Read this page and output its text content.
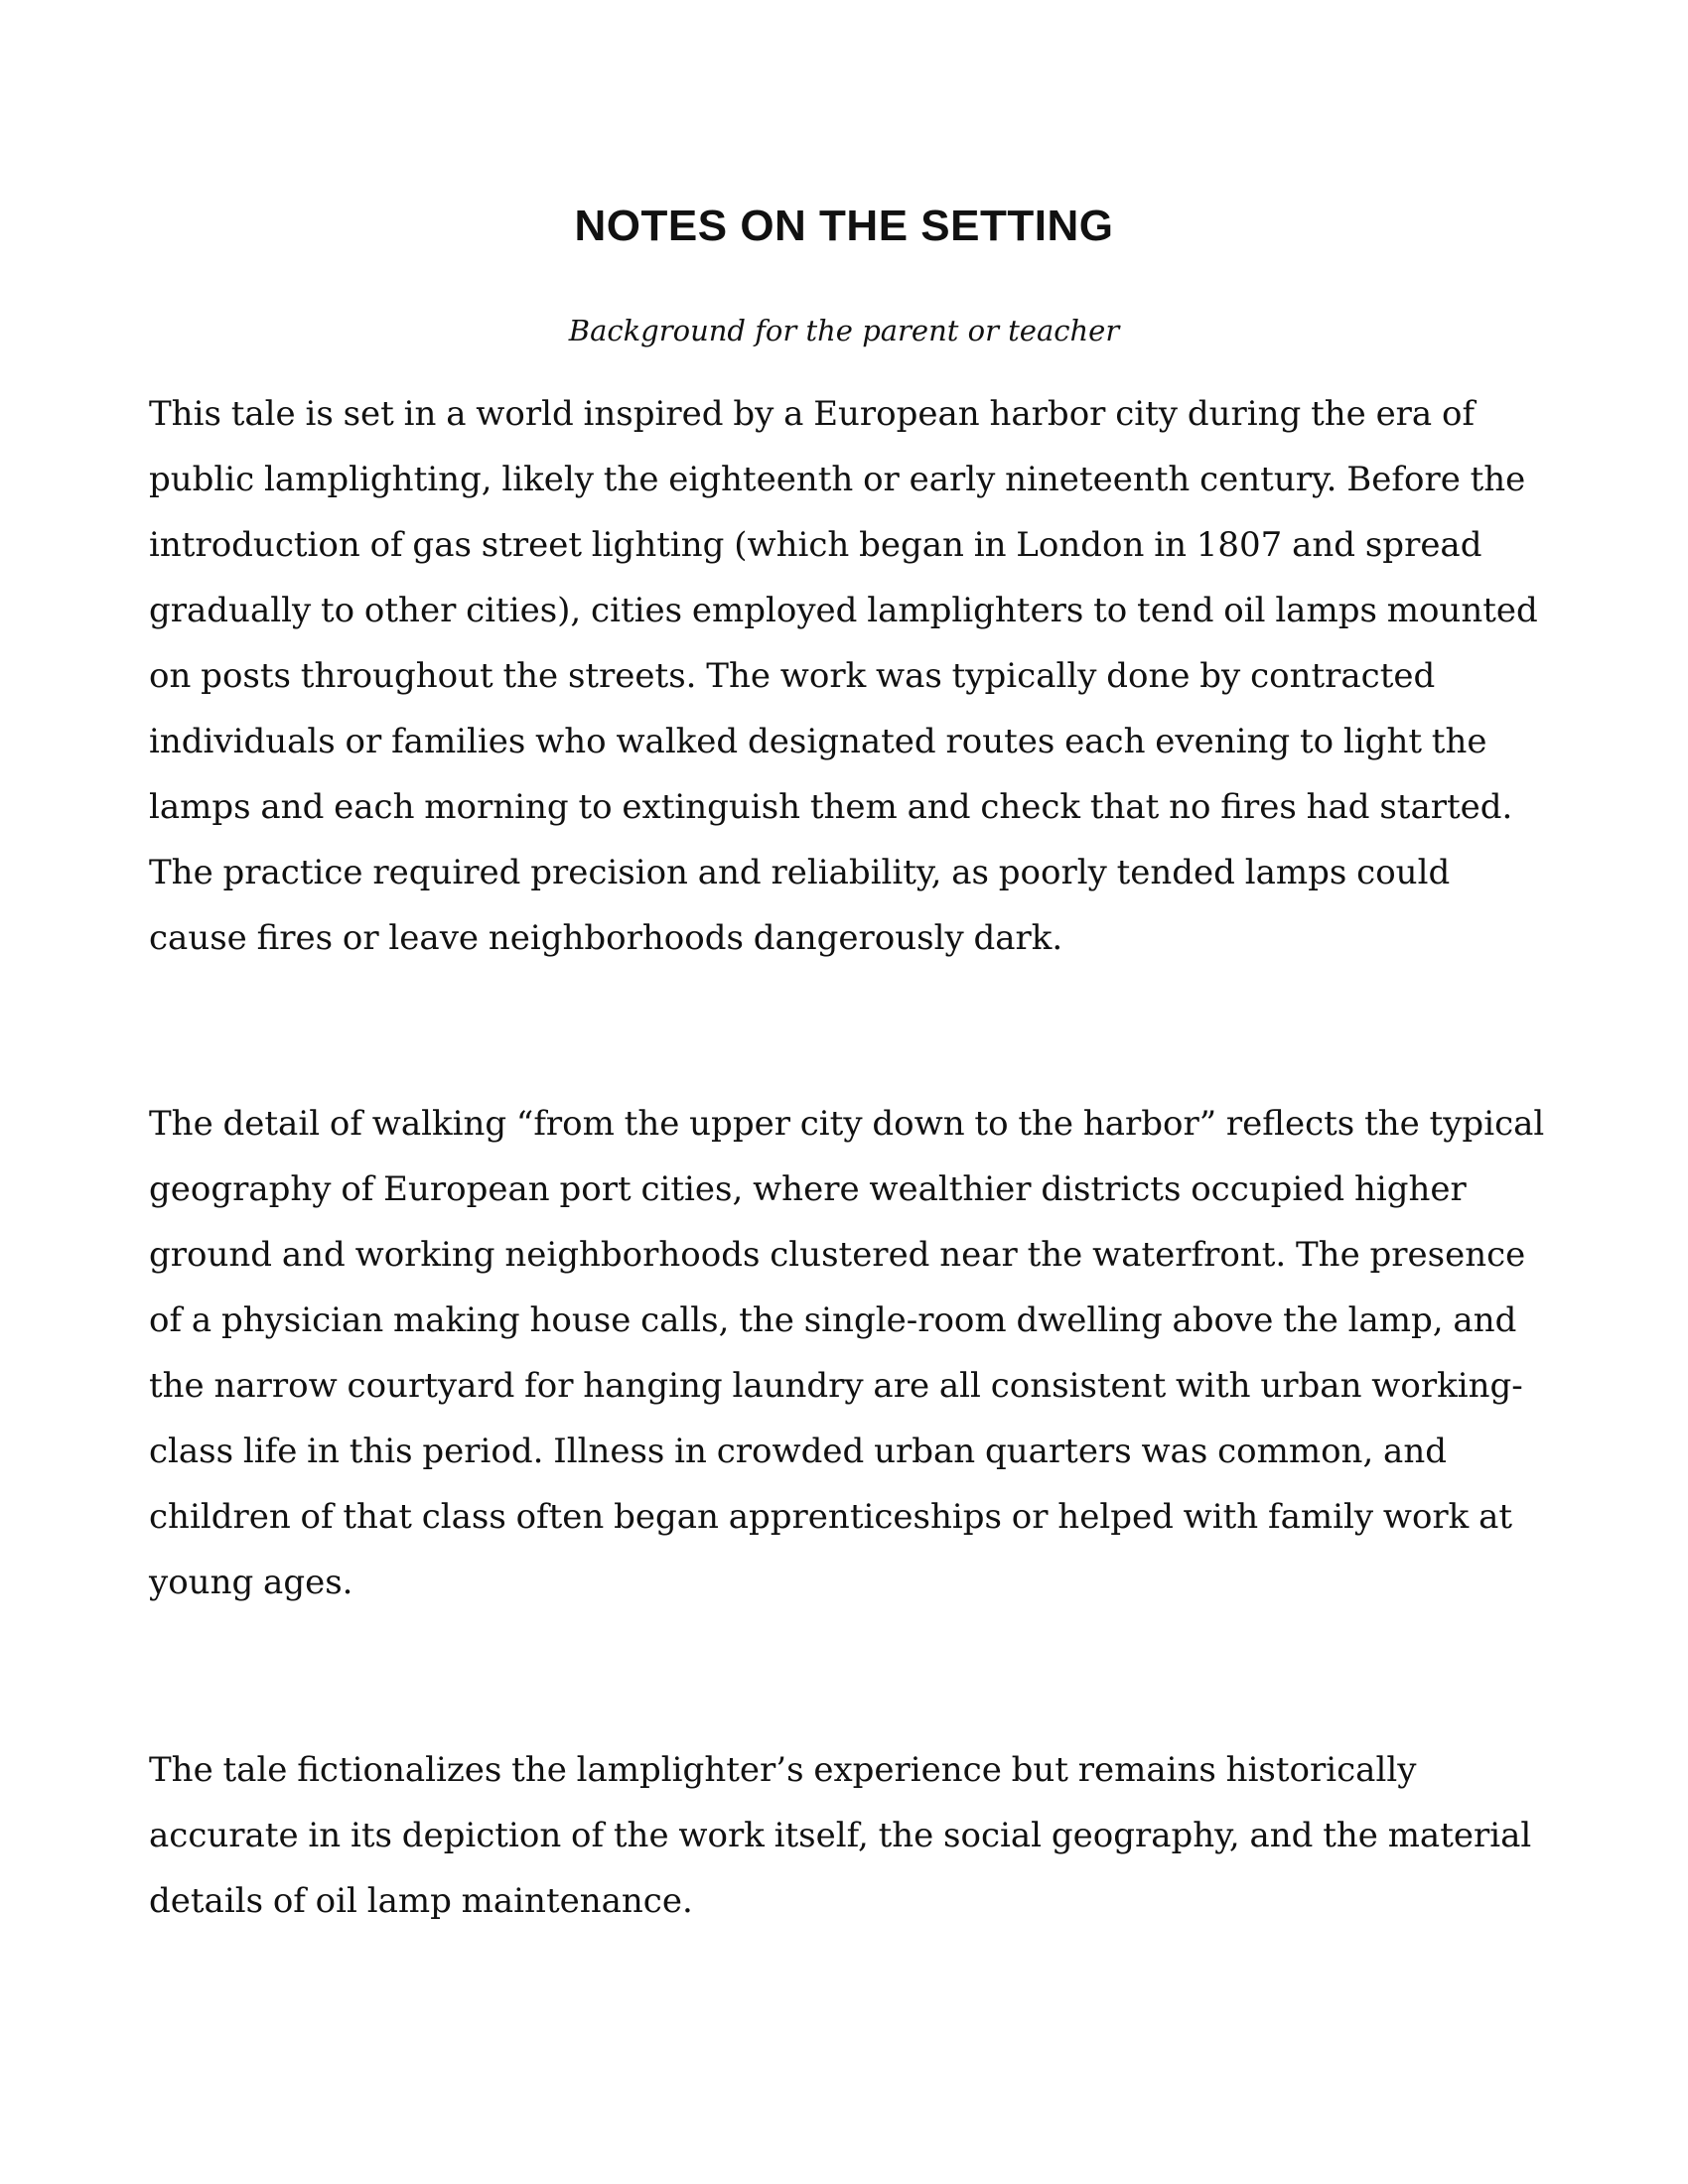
NOTES ON THE SETTING

Background for the parent or teacher

This tale is set in a world inspired by a European harbor city during the era of public lamplighting, likely the eighteenth or early nineteenth century. Before the introduction of gas street lighting (which began in London in 1807 and spread gradually to other cities), cities employed lamplighters to tend oil lamps mounted on posts throughout the streets. The work was typically done by contracted individuals or families who walked designated routes each evening to light the lamps and each morning to extinguish them and check that no fires had started. The practice required precision and reliability, as poorly tended lamps could cause fires or leave neighborhoods dangerously dark.

The detail of walking “from the upper city down to the harbor” reflects the typical geography of European port cities, where wealthier districts occupied higher ground and working neighborhoods clustered near the waterfront. The presence of a physician making house calls, the single-room dwelling above the lamp, and the narrow courtyard for hanging laundry are all consistent with urban working-class life in this period. Illness in crowded urban quarters was common, and children of that class often began apprenticeships or helped with family work at young ages.

The tale fictionalizes the lamplighter’s experience but remains historically accurate in its depiction of the work itself, the social geography, and the material details of oil lamp maintenance.
